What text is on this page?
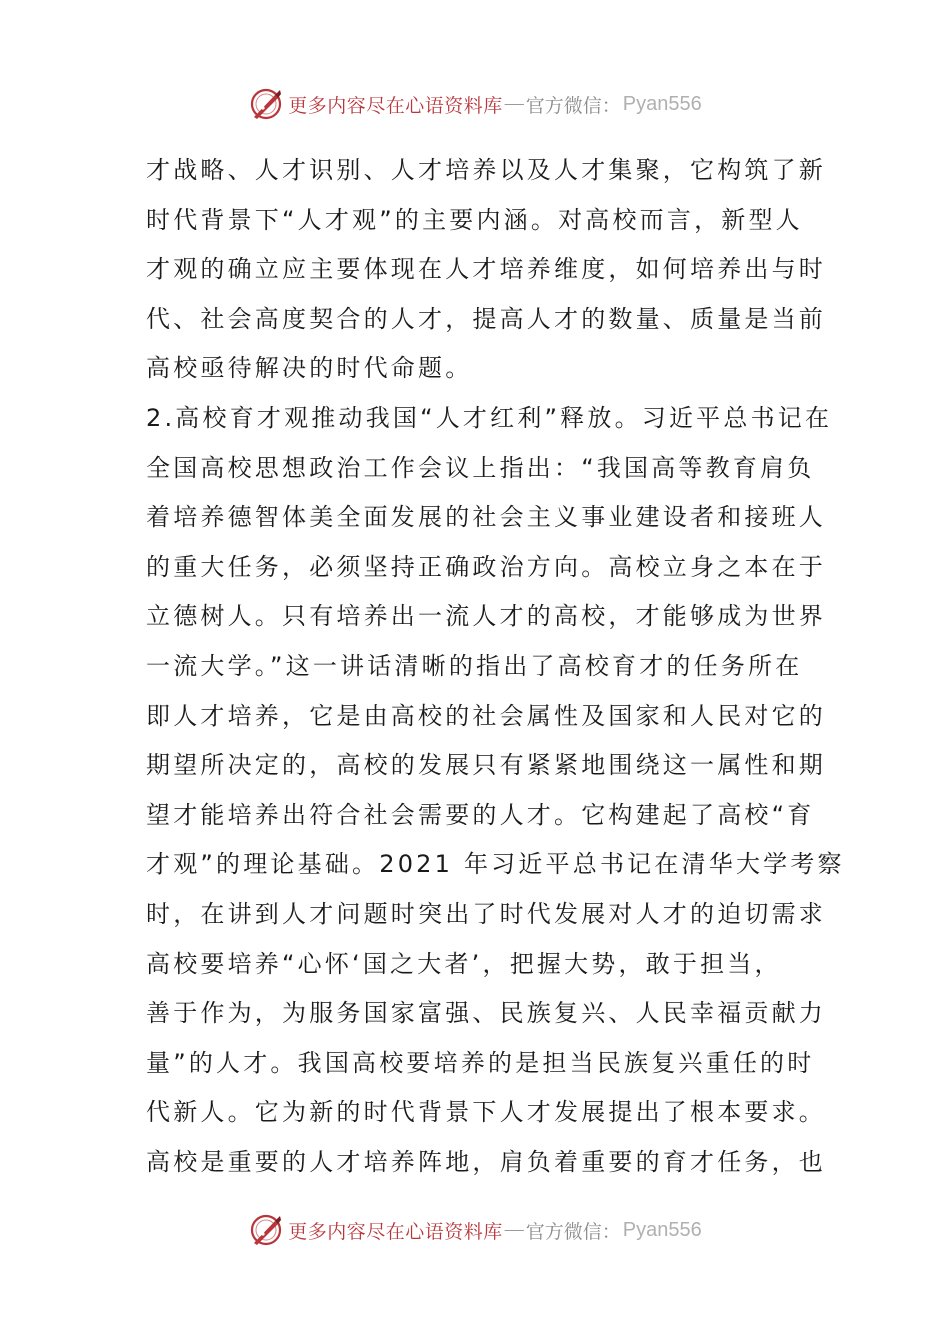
更多内容尽在心语资料库 — 官方微信： Pyan556
才战略、人才识别、人才培养以及人才集聚，它构筑了新
时代背景下“人才观”的主要内涵。对高校而言，新型人
才观的确立应主要体现在人才培养维度，如何培养出与时
代、社会高度契合的人才，提高人才的数量、质量是当前
高校亟待解决的时代命题。
2.高校育才观推动我国“人才红利”释放。习近平总书记在
全国高校思想政治工作会议上指出：“我国高等教育肩负
着培养德智体美全面发展的社会主义事业建设者和接班人
的重大任务，必须坚持正确政治方向。高校立身之本在于
立德树人。只有培养出一流人才的高校，才能够成为世界
一流大学。”这一讲话清晰的指出了高校育才的任务所在
即人才培养，它是由高校的社会属性及国家和人民对它的
期望所决定的，高校的发展只有紧紧地围绕这一属性和期
望才能培养出符合社会需要的人才。它构建起了高校“育
才观”的理论基础。2021 年习近平总书记在清华大学考察
时，在讲到人才问题时突出了时代发展对人才的迫切需求
高校要培养“心怀‘国之大者’，把握大势，敢于担当，
善于作为，为服务国家富强、民族复兴、人民幸福贡献力
量”的人才。我国高校要培养的是担当民族复兴重任的时
代新人。它为新的时代背景下人才发展提出了根本要求。
高校是重要的人才培养阵地，肩负着重要的育才任务，也
更多内容尽在心语资料库 — 官方微信： Pyan556
